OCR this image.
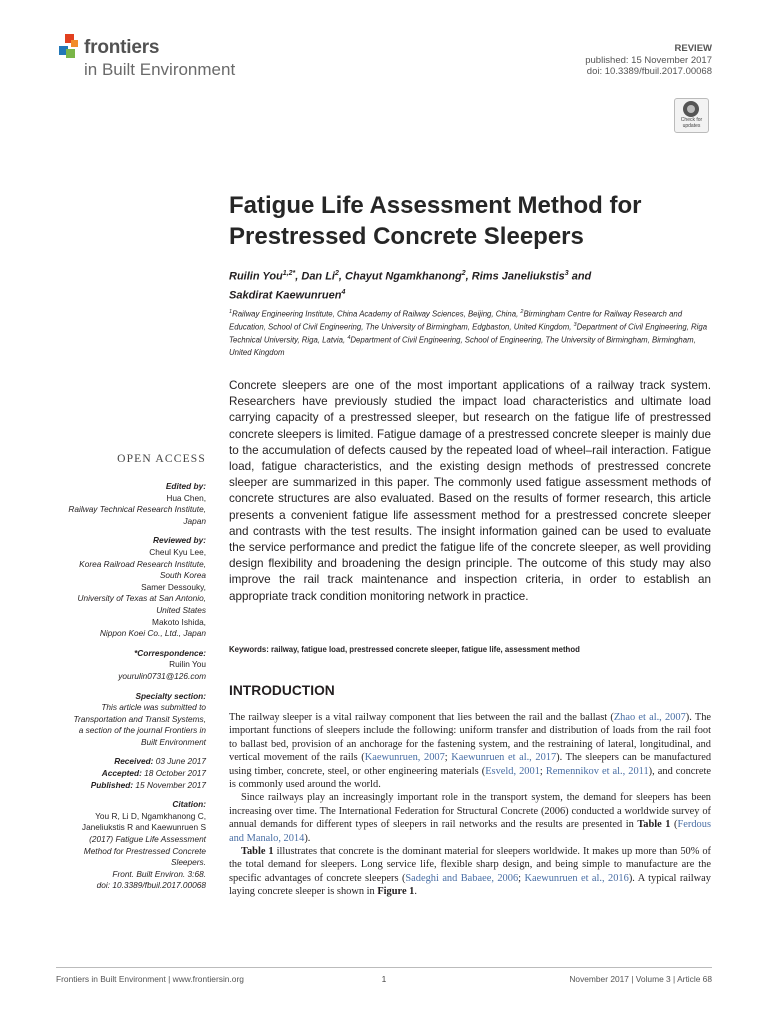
frontiers
in Built Environment
REVIEW
published: 15 November 2017
doi: 10.3389/fbuil.2017.00068
Check for updates
Fatigue Life Assessment Method for Prestressed Concrete Sleepers
Ruilin You$^{1,2*}$, Dan Li$^2$, Chayut Ngamkhanong$^2$, Rims Janeliukstis$^3$ and
Sakdirat Kaewunruen$^4$
$^1$Railway Engineering Institute, China Academy of Railway Sciences, Beijing, China, $^2$Birmingham Centre for Railway Research and Education, School of Civil Engineering, The University of Birmingham, Edgbaston, United Kingdom, $^3$Department of Civil Engineering, Riga Technical University, Riga, Latvia, $^4$Department of Civil Engineering, School of Engineering, The University of Birmingham, Birmingham, United Kingdom

Concrete sleepers are one of the most important applications of a railway track system. Researchers have previously studied the impact load characteristics and ultimate load carrying capacity of a prestressed sleeper, but research on the fatigue life of prestressed concrete sleepers is limited. Fatigue damage of a prestressed concrete sleeper is mainly due to the accumulation of defects caused by the repeated load of wheel–rail interaction. Fatigue load, fatigue characteristics, and the existing design methods of prestressed concrete sleeper are summarized in this paper. The commonly used fatigue assessment methods of concrete structures are also evaluated. Based on the results of former research, this article presents a convenient fatigue life assessment method for a prestressed concrete sleeper and contrasts with the test results. The insight information gained can be used to evaluate the service performance and predict the fatigue life of the concrete sleeper, as well providing design flexibility and broadening the design principle. The outcome of this study may also improve the rail track maintenance and inspection criteria, in order to establish an appropriate track condition monitoring network in practice.

Keywords: railway, fatigue load, prestressed concrete sleeper, fatigue life, assessment method
OPEN ACCESS
Edited by:
Hua Chen,
Railway Technical Research Institute,
Japan
Reviewed by:
Cheul Kyu Lee,
Korea Railroad Research Institute,
South Korea
Samer Dessouky,
University of Texas at San Antonio,
United States
Makoto Ishida,
Nippon Koei Co., Ltd., Japan
*Correspondence:
Ruilin You
yourulin0731@126.com
Specialty section:
This article was submitted to
Transportation and Transit Systems,
a section of the journal Frontiers in
Built Environment
Received: 03 June 2017
Accepted: 18 October 2017
Published: 15 November 2017
Citation:
You R, Li D, Ngamkhanong C,
Janeliukstis R and Kaewunruen S
(2017) Fatigue Life Assessment
Method for Prestressed Concrete
Sleepers.
Front. Built Environ. 3:68.
doi: 10.3389/fbuil.2017.00068
INTRODUCTION

The railway sleeper is a vital railway component that lies between the rail and the ballast (Zhao et al., 2007). The important functions of sleepers include the following: uniform transfer and distribution of loads from the rail foot to ballast bed, provision of an anchorage for the fastening system, and the restraining of lateral, longitudinal, and vertical movement of the rails (Kaewunruen, 2007; Kaewunruen et al., 2017). The sleepers can be manufactured using timber, concrete, steel, or other engineering materials (Esveld, 2001; Remennikov et al., 2011), and concrete is commonly used around the world.

Since railways play an increasingly important role in the transport system, the demand for sleepers has been increasing over time. The International Federation for Structural Concrete (2006) conducted a worldwide survey of annual demands for different types of sleepers in rail networks and the results are presented in Table 1 (Ferdous and Manalo, 2014).

Table 1 illustrates that concrete is the dominant material for sleepers worldwide. It makes up more than 50% of the total demand for sleepers. Long service life, flexible sharp design, and being simple to manufacture are the specific advantages of concrete sleepers (Sadeghi and Babaee, 2006; Kaewunruen et al., 2016). A typical railway laying concrete sleeper is shown in Figure 1.

Frontiers in Built Environment | www.frontiersin.org	1	November 2017 | Volume 3 | Article 68
